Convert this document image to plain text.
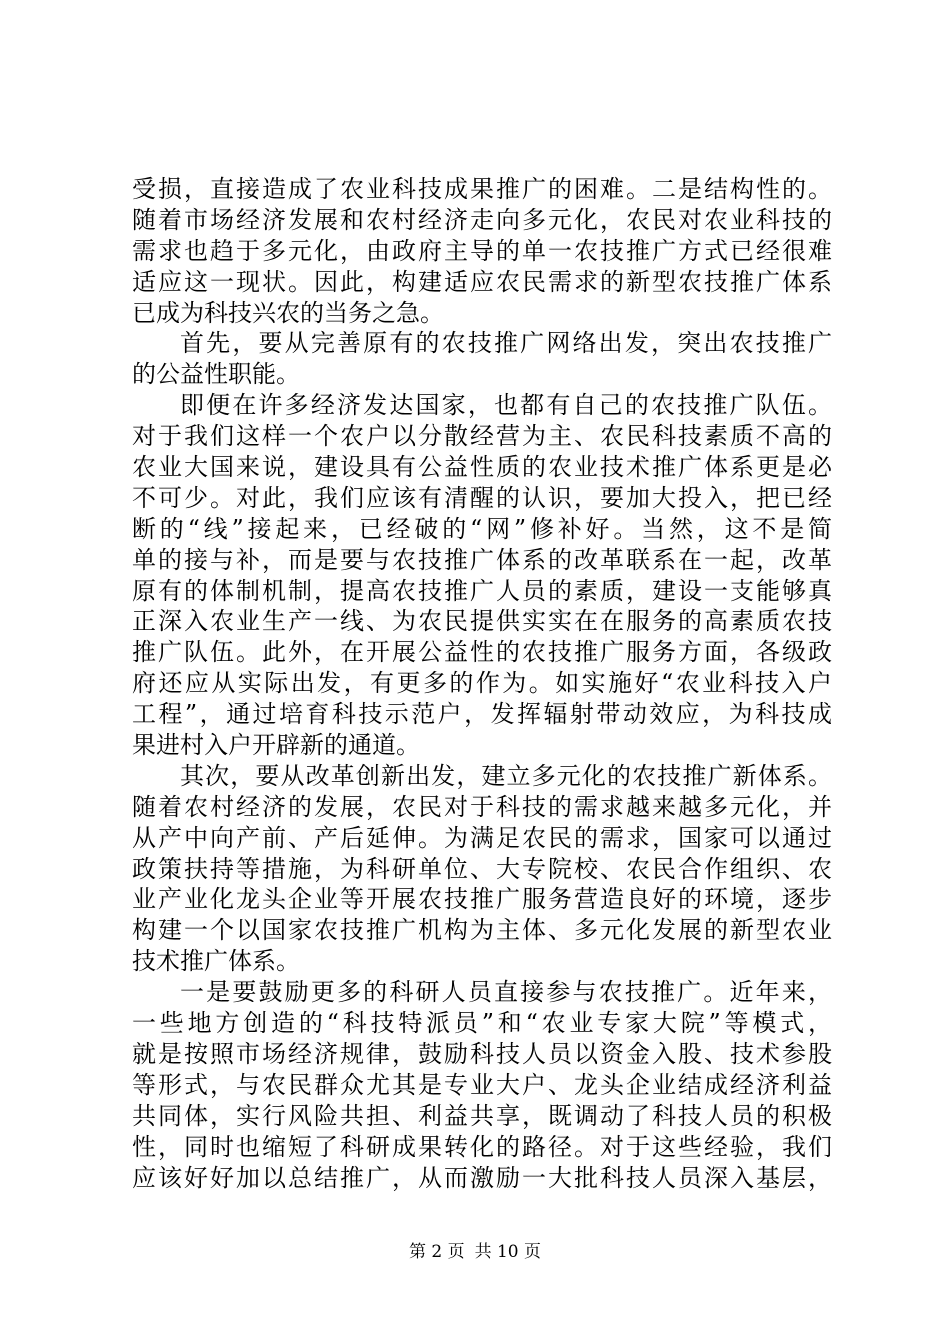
受损，直接造成了农业科技成果推广的困难。二是结构性的。
随着市场经济发展和农村经济走向多元化，农民对农业科技的
需求也趋于多元化，由政府主导的单一农技推广方式已经很难
适应这一现状。因此，构建适应农民需求的新型农技推广体系
已成为科技兴农的当务之急。
首先，要从完善原有的农技推广网络出发，突出农技推广
的公益性职能。
即便在许多经济发达国家，也都有自己的农技推广队伍。
对于我们这样一个农户以分散经营为主、农民科技素质不高的
农业大国来说，建设具有公益性质的农业技术推广体系更是必
不可少。对此，我们应该有清醒的认识，要加大投入，把已经
断的“线”接起来，已经破的“网”修补好。当然，这不是简
单的接与补，而是要与农技推广体系的改革联系在一起，改革
原有的体制机制，提高农技推广人员的素质，建设一支能够真
正深入农业生产一线、为农民提供实实在在服务的高素质农技
推广队伍。此外，在开展公益性的农技推广服务方面，各级政
府还应从实际出发，有更多的作为。如实施好“农业科技入户
工程”，通过培育科技示范户，发挥辐射带动效应，为科技成
果进村入户开辟新的通道。
其次，要从改革创新出发，建立多元化的农技推广新体系。
随着农村经济的发展，农民对于科技的需求越来越多元化，并
从产中向产前、产后延伸。为满足农民的需求，国家可以通过
政策扶持等措施，为科研单位、大专院校、农民合作组织、农
业产业化龙头企业等开展农技推广服务营造良好的环境，逐步
构建一个以国家农技推广机构为主体、多元化发展的新型农业
技术推广体系。
一是要鼓励更多的科研人员直接参与农技推广。近年来，
一些地方创造的“科技特派员”和“农业专家大院”等模式，
就是按照市场经济规律，鼓励科技人员以资金入股、技术参股
等形式，与农民群众尤其是专业大户、龙头企业结成经济利益
共同体，实行风险共担、利益共享，既调动了科技人员的积极
性，同时也缩短了科研成果转化的路径。对于这些经验，我们
应该好好加以总结推广，从而激励一大批科技人员深入基层，
第 2 页 共 10 页
